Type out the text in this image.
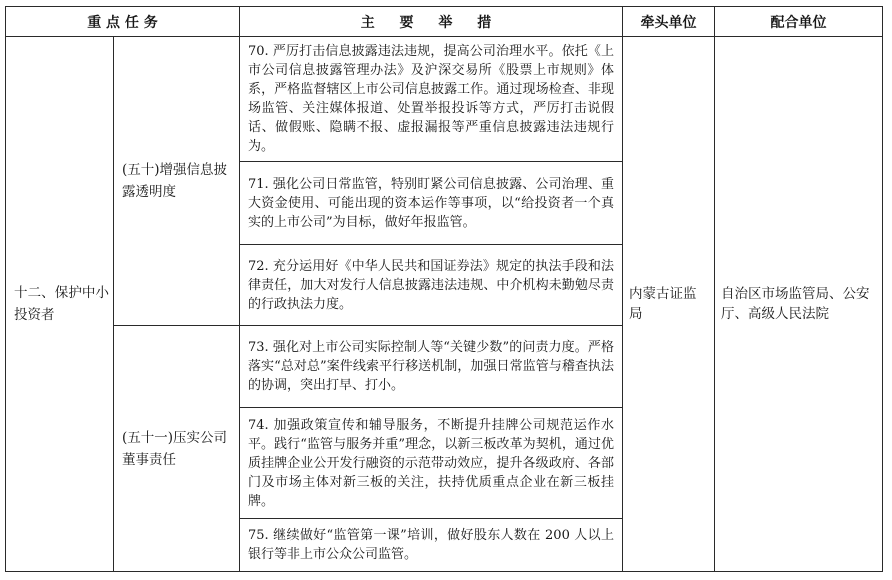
重 点 任 务		主 要 举 措	牵头单位	配合单位
十二、保护中小投资者	(五十)增强信息披露透明度	70. 严厉打击信息披露违法违规，提高公司治理水平。依托《上市公司信息披露管理办法》及沪深交易所《股票上市规则》体系，严格监督辖区上市公司信息披露工作。通过现场检查、非现场监管、关注媒体报道、处置举报投诉等方式，严厉打击说假话、做假账、隐瞒不报、虚报漏报等严重信息披露违法违规行为。	内蒙古证监局	自治区市场监管局、公安厅、高级人民法院
		71. 强化公司日常监管，特别盯紧公司信息披露、公司治理、重大资金使用、可能出现的资本运作等事项，以“给投资者一个真实的上市公司”为目标，做好年报监管。		
		72. 充分运用好《中华人民共和国证券法》规定的执法手段和法律责任，加大对发行人信息披露违法违规、中介机构未勤勉尽责的行政执法力度。		
	(五十一)压实公司董事责任	73. 强化对上市公司实际控制人等“关键少数”的问责力度。严格落实“总对总”案件线索平行移送机制，加强日常监管与稽查执法的协调，突出打早、打小。		
		74. 加强政策宣传和辅导服务，不断提升挂牌公司规范运作水平。践行“监管与服务并重”理念，以新三板改革为契机，通过优质挂牌企业公开发行融资的示范带动效应，提升各级政府、各部门及市场主体对新三板的关注，扶持优质重点企业在新三板挂牌。		
		75. 继续做好“监管第一课”培训，做好股东人数在 200 人以上银行等非上市公众公司监管。		
